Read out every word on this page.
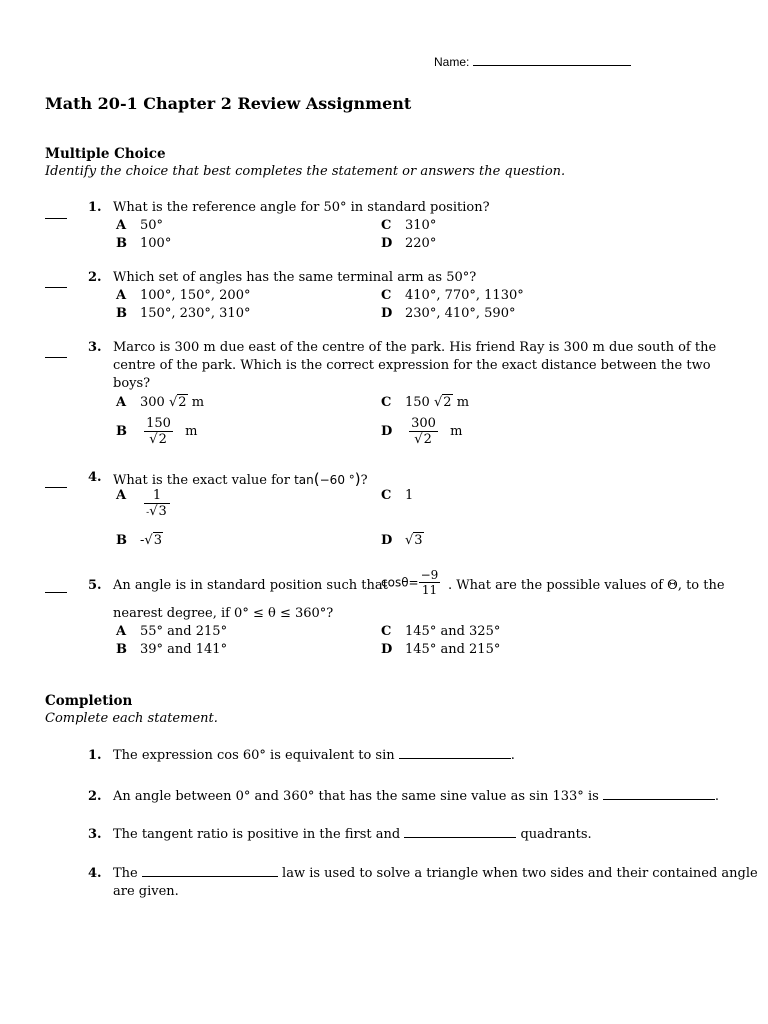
Name:
Math 20-1 Chapter 2 Review Assignment
Multiple Choice
Identify the choice that best completes the statement or answers the question.
1. What is the reference angle for 50° in standard position?
A 50°
B 100°
C 310°
D 220°
2. Which set of angles has the same terminal arm as 50°?
A 100°, 150°, 200°
B 150°, 230°, 310°
C 410°, 770°, 1130°
D 230°, 410°, 590°
3. Marco is 300 m due east of the centre of the park. His friend Ray is 300 m due south of the
centre of the park. Which is the correct expression for the exact distance between the two
boys?
A 300 √2 m	C 150 √2 m
B $\frac{150}{√2}$ m	D $\frac{300}{√2}$ m
4. What is the exact value for tan(−60 °)?
A $\frac{1}{-√3}$	C 1
B -√3	D √3
5. An angle is in standard position such that
$\cos\theta= \frac{-9}{11}$ . What are the possible values of Θ, to the
nearest degree, if 0° ≤ θ ≤ 360°?
A 55° and 215°
B 39° and 141°
C 145° and 325°
D 145° and 215°
Completion
Complete each statement.
1. The expression cos 60° is equivalent to sin	.
2. An angle between 0° and 360° that has the same sine value as sin 133° is	.
3. The tangent ratio is positive in the first and	quadrants.
4. The	law is used to solve a triangle when two sides and their contained angle
are given.
